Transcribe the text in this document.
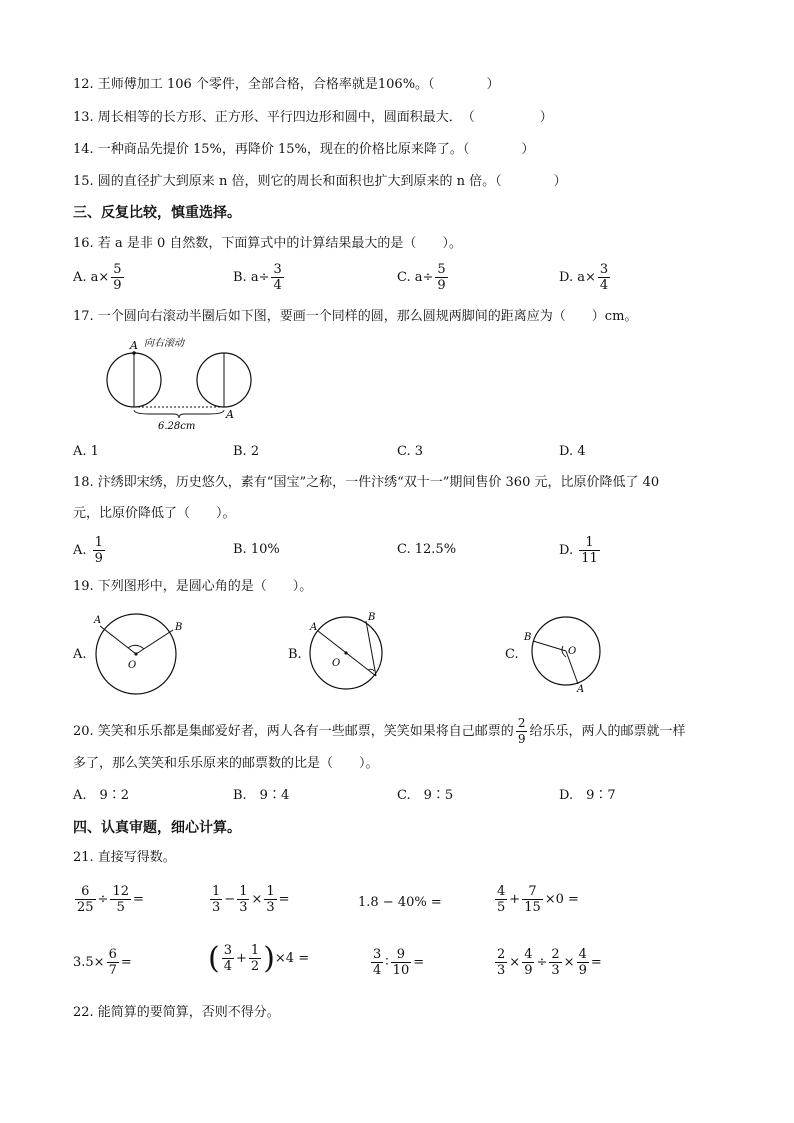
12. 王师傅加工 106 个零件，全部合格，合格率就是106%。（　　　　）
13. 周长相等的长方形、正方形、平行四边形和圆中，圆面积最大．　（　　　　　）
14. 一种商品先提价 15%，再降价 15%，现在的价格比原来降了。（　　　　）
15. 圆的直径扩大到原来 n 倍，则它的周长和面积也扩大到原来的 n 倍。（　　　　）
三、反复比较，慎重选择。
16. 若 a 是非 0 自然数，下面算式中的计算结果最大的是（　　）。
A. $a\times \frac{5}{9}$	B. $a\div \frac{3}{4}$	C. $a\div \frac{5}{9}$	D. $a\times \frac{3}{4}$
17. 一个圆向右滚动半圈后如下图，要画一个同样的圆，那么圆规两脚间的距离应为（　　）cm。
A
A
向右滚动
6.28cm
A. 1	B. 2	C. 3	D. 4
18. 汴绣即宋绣，历史悠久，素有“国宝”之称，一件汴绣“双十一”期间售价 360 元，比原价降低了 40
元，比原价降低了（　　）。
A. $\frac{1}{9}$	B. 10%	C. 12.5%	D. $\frac{1}{11}$
19. 下列图形中，是圆心角的是（　　）。
A.
A
B
O
B.
A
B
O
C.
B
O
A
20. 笑笑和乐乐都是集邮爱好者，两人各有一些邮票，笑笑如果将自己邮票的 $\frac{2}{9}$ 给乐乐，两人的邮票就一样
多了，那么笑笑和乐乐原来的邮票数的比是（　　）。
A.　9∶2	B.　9∶4	C.　9∶5	D.　9∶7
四、认真审题，细心计算。
21. 直接写得数。
$\frac{6}{25} \div \frac{12}{5}$ =	$\frac{1}{3} - \frac{1}{3} \times \frac{1}{3}$ =	1.8 − 40% =	$\frac{4}{5} + \frac{7}{15} \times 0$ =
$3.5\times \frac{6}{7}$ =	( $\frac{3}{4} + \frac{1}{2} )\times 4$ =	$\frac{3}{4}$ ∶ $\frac{9}{10}$ =	$\frac{2}{3} \times \frac{4}{9} \div \frac{2}{3} \times \frac{4}{9}$ =
22. 能简算的要简算，否则不得分。
